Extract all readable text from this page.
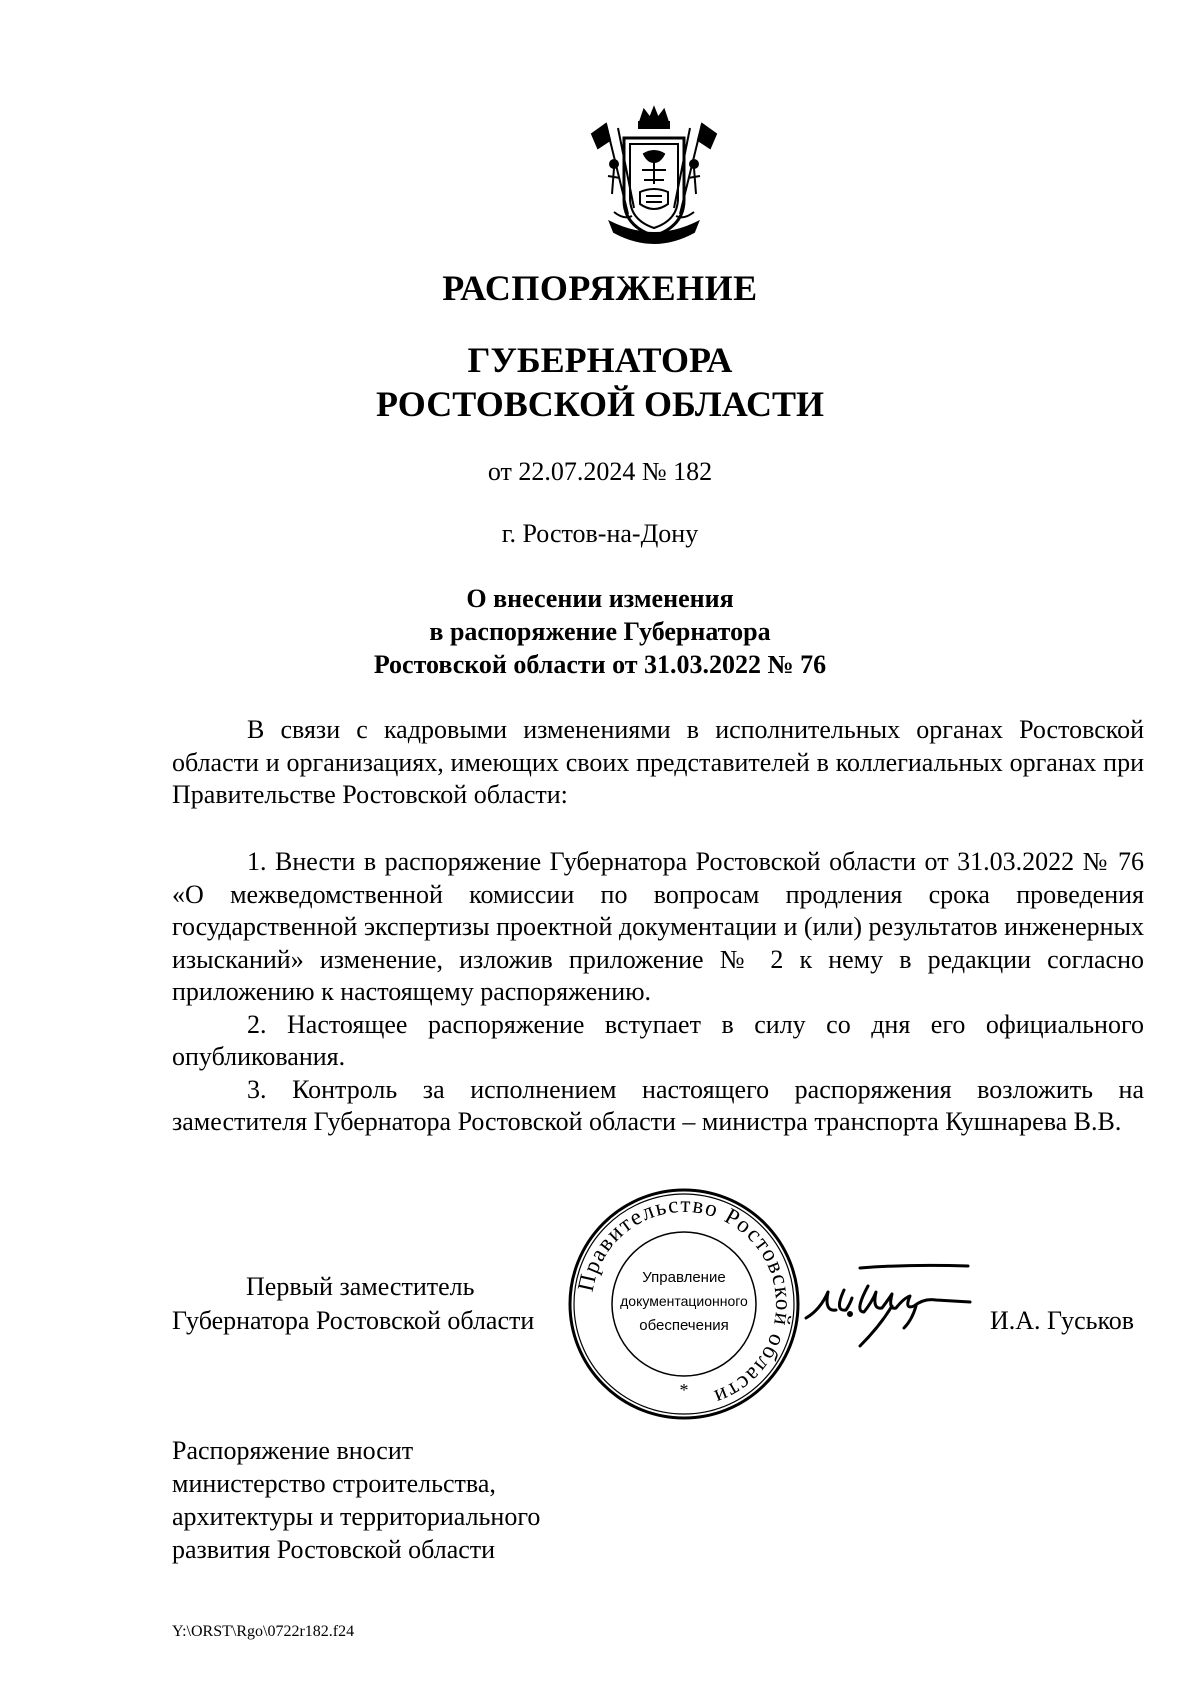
РАСПОРЯЖЕНИЕ
ГУБЕРНАТОРА
РОСТОВСКОЙ ОБЛАСТИ
от 22.07.2024 № 182
г. Ростов-на-Дону
О внесении изменения
в распоряжение Губернатора
Ростовской области от 31.03.2022 № 76

В связи с кадровыми изменениями в исполнительных органах Ростовской области и организациях, имеющих своих представителей в коллегиальных органах при Правительстве Ростовской области:

1. Внести в распоряжение Губернатора Ростовской области от 31.03.2022 № 76 «О межведомственной комиссии по вопросам продления срока проведения государственной экспертизы проектной документации и (или) результатов инженерных изысканий» изменение, изложив приложение № 2 к нему в редакции согласно приложению к настоящему распоряжению.

2. Настоящее распоряжение вступает в силу со дня его официального опубликования.

3. Контроль за исполнением настоящего распоряжения возложить на заместителя Губернатора Ростовской области – министра транспорта Кушнарева В.В.

Первый заместитель
Губернатора Ростовской области
Правительство Ростовской области
Управление
документационного
обеспечения
*
И.А. Гуськов
Распоряжение вносит
министерство строительства,
архитектуры и территориального
развития Ростовской области
Y:\ORST\Rgo\0722r182.f24
